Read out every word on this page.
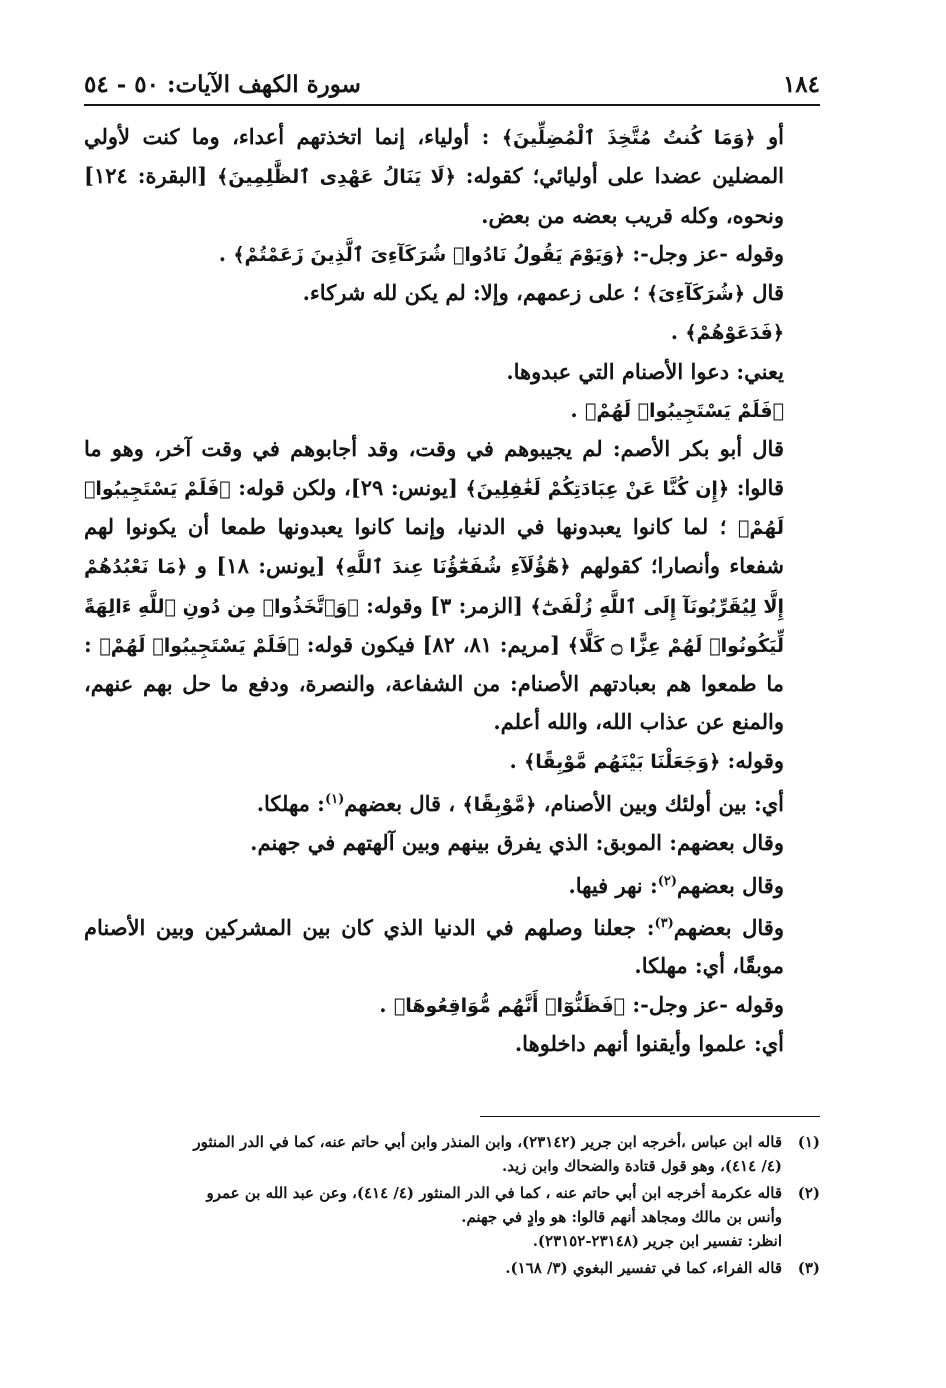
١٨٤
سورة الكهف الآيات: ٥٠ - ٥٤

أو ﴿وَمَا كُنتُ مُتَّخِذَ ٱلْمُضِلِّينَ﴾ : أولياء، إنما اتخذتهم أعداء، وما كنت لأولي المضلين عضدا على أوليائي؛ كقوله: ﴿لَا يَنَالُ عَهْدِى ٱلظَّٰلِمِينَ﴾ [البقرة: ١٢٤] ونحوه، وكله قريب بعضه من بعض.

وقوله -عز وجل-: ﴿وَيَوْمَ يَقُولُ نَادُوا۟ شُرَكَآءِىَ ٱلَّذِينَ زَعَمْتُمْ﴾ .

قال ﴿شُرَكَآءِىَ﴾ ؛ على زعمهم، وإلا: لم يكن لله شركاء.

﴿فَدَعَوْهُمْ﴾ .

يعني: دعوا الأصنام التي عبدوها.

﴿فَلَمْ يَسْتَجِيبُوا۟ لَهُمْ﴾ .

قال أبو بكر الأصم: لم يجيبوهم في وقت، وقد أجابوهم في وقت آخر، وهو ما قالوا: ﴿إِن كُنَّا عَنْ عِبَادَتِكُمْ لَغَٰفِلِينَ﴾ [يونس: ٢٩]، ولكن قوله: ﴿فَلَمْ يَسْتَجِيبُوا۟ لَهُمْ﴾ ؛ لما كانوا يعبدونها في الدنيا، وإنما كانوا يعبدونها طمعا أن يكونوا لهم شفعاء وأنصارا؛ كقولهم ﴿هَٰٓؤُلَآءِ شُفَعَٰٓؤُنَا عِندَ ٱللَّهِ﴾ [يونس: ١٨] و ﴿مَا نَعْبُدُهُمْ إِلَّا لِيُقَرِّبُونَآ إِلَى ٱللَّهِ زُلْفَىٰٓ﴾ [الزمر: ٣] وقوله: ﴿وَٱتَّخَذُوا۟ مِن دُونِ ٱللَّهِ ءَالِهَةً لِّيَكُونُوا۟ لَهُمْ عِزًّا ۝ كَلَّا﴾ [مريم: ٨١، ٨٢] فيكون قوله: ﴿فَلَمْ يَسْتَجِيبُوا۟ لَهُمْ﴾ : ما طمعوا هم بعبادتهم الأصنام: من الشفاعة، والنصرة، ودفع ما حل بهم عنهم، والمنع عن عذاب الله، والله أعلم.

وقوله: ﴿وَجَعَلْنَا بَيْنَهُم مَّوْبِقًا﴾ .

أي: بين أولئك وبين الأصنام، ﴿مَّوْبِقًا﴾ ، قال بعضهم$^{(١)}$: مهلكا.

وقال بعضهم: الموبق: الذي يفرق بينهم وبين آلهتهم في جهنم.

وقال بعضهم$^{(٢)}$: نهر فيها.

وقال بعضهم$^{(٣)}$: جعلنا وصلهم في الدنيا الذي كان بين المشركين وبين الأصنام موبقًا، أي: مهلكا.

وقوله -عز وجل-: ﴿فَظَنُّوٓا۟ أَنَّهُم مُّوَاقِعُوهَا﴾ .

أي: علموا وأيقنوا أنهم داخلوها.

(١)
قاله ابن عباس ،أخرجه ابن جرير (٢٣١٤٢)، وابن المنذر وابن أبي حاتم عنه، كما في الدر المنثور
(٤/ ٤١٤)، وهو قول قتادة والضحاك وابن زيد.
(٢)
قاله عكرمة أخرجه ابن أبي حاتم عنه ، كما في الدر المنثور (٤/ ٤١٤)، وعن عبد الله بن عمرو
وأنس بن مالك ومجاهد أنهم قالوا: هو وادٍ في جهنم.
انظر: تفسير ابن جرير (٢٣١٤٨-٢٣١٥٢).
(٣)
قاله الفراء، كما في تفسير البغوي (٣/ ١٦٨).
